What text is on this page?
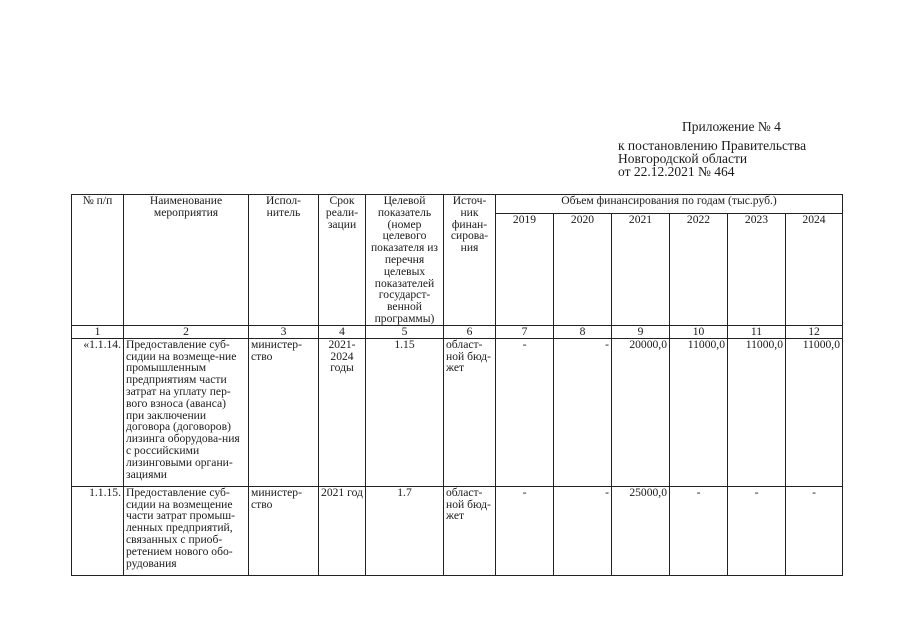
Приложение № 4
к постановлению Правительства
Новгородской области
от 22.12.2021 № 464
№ п/п	Наименование мероприятия	Испол-нитель	Срок реали-зации	Целевой показатель (номер целевого показателя из перечня целевых показателей государст-венной программы)	Источ-ник финан-сирова-ния	Объем финансирования по годам (тыс.руб.)					
						2019	2020	2021	2022	2023	2024
1	2	3	4	5	6	7	8	9	10	11	12
«1.1.14.	Предоставление суб-сидии на возмеще-ние промышленным предприятиям части затрат на уплату пер-вого взноса (аванса) при заключении договора (договоров) лизинга оборудова-ния с российскими лизинговыми органи-зациями	министер-ство	2021-2024 годы	1.15	област-ной бюд-жет	-	-	20000,0	11000,0	11000,0	11000,0
1.1.15.	Предоставление суб-сидии на возмещение части затрат промыш-ленных предприятий, связанных с приоб-ретением нового обо-рудования	министер-ство	2021 год	1.7	област-ной бюд-жет	-	-	25000,0	-	-	-
